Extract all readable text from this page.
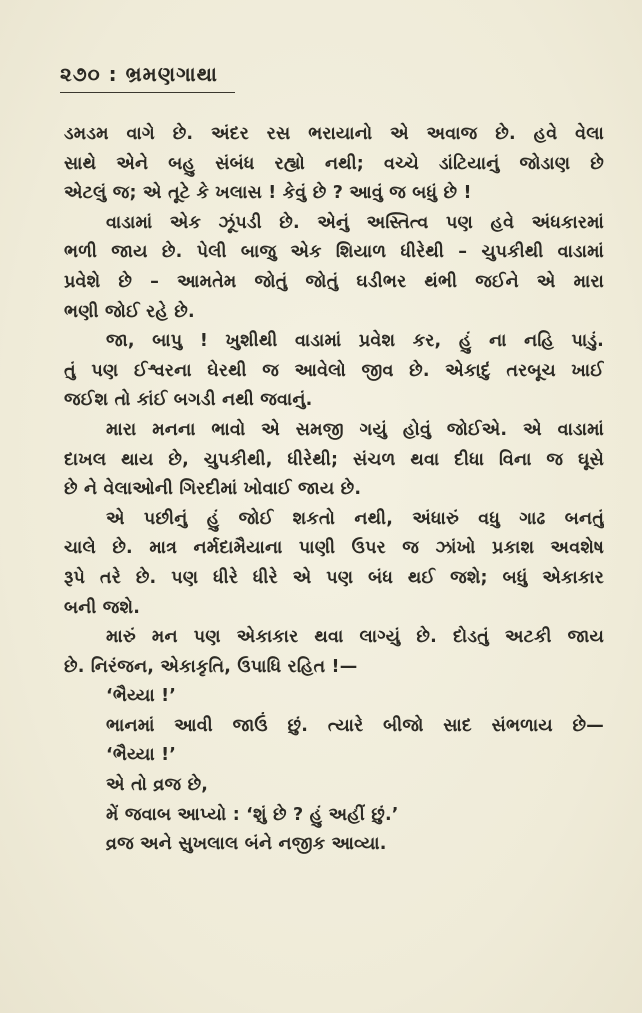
૨૭૦ : ભ્રમણગાથા
ડમડમ વાગે છે. અંદર રસ ભરાયાનો એ અવાજ છે. હવે વેલા
સાથે એને બહુ સંબંધ રહ્યો નથી; વચ્ચે ડાંટિયાનું જોડાણ છે
એટલું જ; એ તૂટે કે ખલાસ ! કેવું છે ? આવું જ બધું છે !
વાડામાં એક ઝૂંપડી છે. એનું અસ્તિત્વ પણ હવે અંધકારમાં
ભળી જાય છે. પેલી બાજુ એક શિયાળ ધીરેથી – ચુપકીથી વાડામાં
પ્રવેશે છે – આમતેમ જોતું જોતું ઘડીભર થંભી જઈને એ મારા
ભણી જોઈ રહે છે.
જા, બાપુ ! ખુશીથી વાડામાં પ્રવેશ કર, હું ના નહિ પાડું.
તું પણ ઈશ્વરના ઘેરથી જ આવેલો જીવ છે. એકાદું તરબૂચ ખાઈ
જઈશ તો કાંઈ બગડી નથી જવાનું.
મારા મનના ભાવો એ સમજી ગયું હોવું જોઈએ. એ વાડામાં
દાખલ થાય છે, ચુપકીથી, ધીરેથી; સંચળ થવા દીધા વિના જ ઘૂસે
છે ને વેલાઓની ગિરદીમાં ખોવાઈ જાય છે.
એ પછીનું હું જોઈ શકતો નથી, અંધારું વધુ ગાઢ બનતું
ચાલે છે. માત્ર નર્મદામૈયાના પાણી ઉપર જ ઝાંખો પ્રકાશ અવશેષ
રૂપે તરે છે. પણ ધીરે ધીરે એ પણ બંધ થઈ જશે; બધું એકાકાર
બની જશે.
મારું મન પણ એકાકાર થવા લાગ્યું છે. દોડતું અટકી જાય
છે. નિરંજન, એકાકૃતિ, ઉપાધિ રહિત !—
‘ભૈય્યા !’
ભાનમાં આવી જાઉં છું. ત્યારે બીજો સાદ સંભળાય છે—
‘ભૈય્યા !’
એ તો વ્રજ છે,
મેં જવાબ આપ્યો : ‘શું છે ? હું અહીં છું.’
વ્રજ અને સુખલાલ બંને નજીક આવ્યા.
